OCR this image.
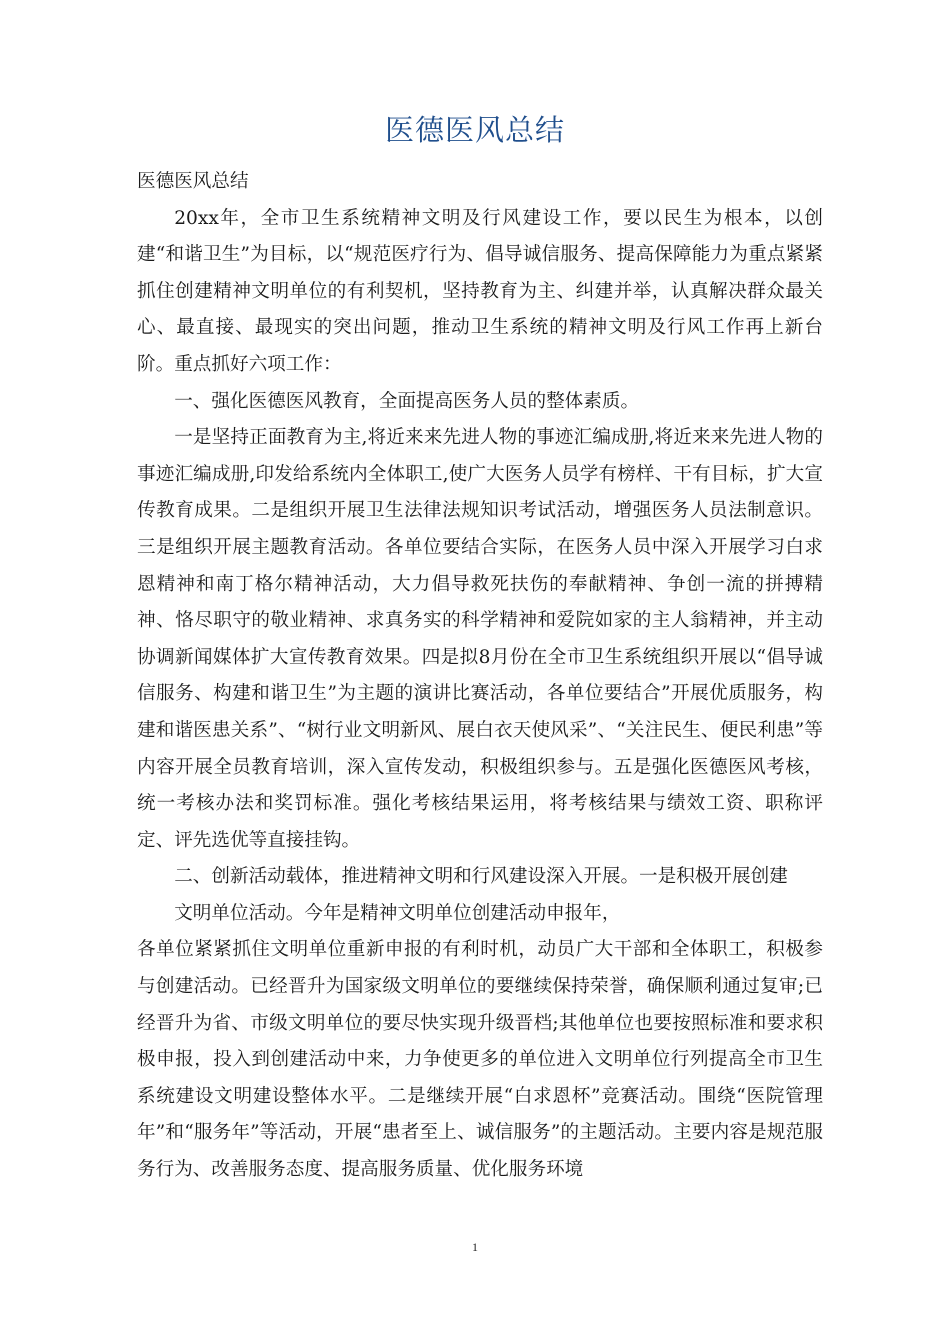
医德医风总结

医德医风总结

20xx年，全市卫生系统精神文明及行风建设工作，要以民生为根本，以创建“和谐卫生”为目标，以“规范医疗行为、倡导诚信服务、提高保障能力为重点紧紧抓住创建精神文明单位的有利契机，坚持教育为主、纠建并举，认真解决群众最关心、最直接、最现实的突出问题，推动卫生系统的精神文明及行风工作再上新台阶。重点抓好六项工作：

一、强化医德医风教育，全面提高医务人员的整体素质。

一是坚持正面教育为主,将近来来先进人物的事迹汇编成册,将近来来先进人物的事迹汇编成册,印发给系统内全体职工,使广大医务人员学有榜样、干有目标，扩大宣传教育成果。二是组织开展卫生法律法规知识考试活动，增强医务人员法制意识。三是组织开展主题教育活动。各单位要结合实际，在医务人员中深入开展学习白求恩精神和南丁格尔精神活动，大力倡导救死扶伤的奉献精神、争创一流的拼搏精神、恪尽职守的敬业精神、求真务实的科学精神和爱院如家的主人翁精神，并主动协调新闻媒体扩大宣传教育效果。四是拟8月份在全市卫生系统组织开展以“倡导诚信服务、构建和谐卫生”为主题的演讲比赛活动，各单位要结合”开展优质服务，构建和谐医患关系”、“树行业文明新风、展白衣天使风采”、“关注民生、便民利患”等内容开展全员教育培训，深入宣传发动，积极组织参与。五是强化医德医风考核，统一考核办法和奖罚标准。强化考核结果运用，将考核结果与绩效工资、职称评定、评先选优等直接挂钩。

二、创新活动载体，推进精神文明和行风建设深入开展。一是积极开展创建

文明单位活动。今年是精神文明单位创建活动申报年，

各单位紧紧抓住文明单位重新申报的有利时机，动员广大干部和全体职工，积极参与创建活动。已经晋升为国家级文明单位的要继续保持荣誉，确保顺利通过复审;已经晋升为省、市级文明单位的要尽快实现升级晋档;其他单位也要按照标准和要求积极申报，投入到创建活动中来，力争使更多的单位进入文明单位行列提高全市卫生系统建设文明建设整体水平。二是继续开展“白求恩杯”竞赛活动。围绕“医院管理年”和“服务年”等活动，开展“患者至上、诚信服务”的主题活动。主要内容是规范服务行为、改善服务态度、提高服务质量、优化服务环境

1
